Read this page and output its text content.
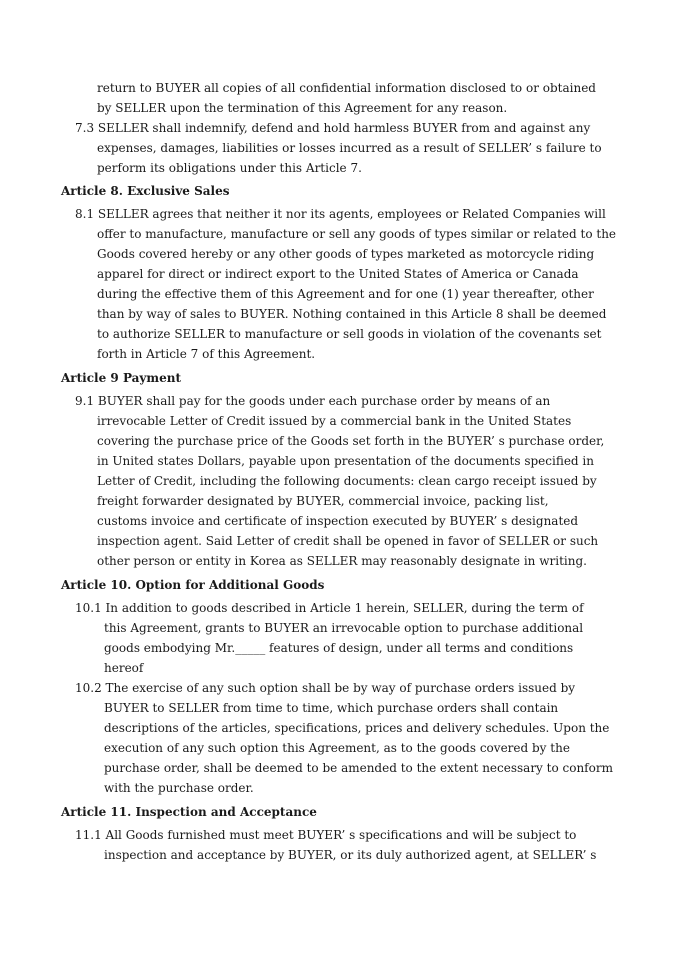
return to BUYER all copies of all confidential information disclosed to or obtained
by SELLER upon the termination of this Agreement for any reason.
7.3 SELLER shall indemnify, defend and hold harmless BUYER from and against any
expenses, damages, liabilities or losses incurred as a result of SELLER’ s failure to
perform its obligations under this Article 7.
Article 8. Exclusive Sales
8.1 SELLER agrees that neither it nor its agents, employees or Related Companies will
offer to manufacture, manufacture or sell any goods of types similar or related to the
Goods covered hereby or any other goods of types marketed as motorcycle riding
apparel for direct or indirect export to the United States of America or Canada
during the effective them of this Agreement and for one (1) year thereafter, other
than by way of sales to BUYER. Nothing contained in this Article 8 shall be deemed
to authorize SELLER to manufacture or sell goods in violation of the covenants set
forth in Article 7 of this Agreement.
Article 9 Payment
9.1 BUYER shall pay for the goods under each purchase order by means of an
irrevocable Letter of Credit issued by a commercial bank in the United States
covering the purchase price of the Goods set forth in the BUYER’ s purchase order,
in United states Dollars, payable upon presentation of the documents specified in
Letter of Credit, including the following documents: clean cargo receipt issued by
freight forwarder designated by BUYER, commercial invoice, packing list,
customs invoice and certificate of inspection executed by BUYER’ s designated
inspection agent. Said Letter of credit shall be opened in favor of SELLER or such
other person or entity in Korea as SELLER may reasonably designate in writing.
Article 10. Option for Additional Goods
10.1 In addition to goods described in Article 1 herein, SELLER, during the term of
this Agreement, grants to BUYER an irrevocable option to purchase additional
goods embodying Mr._____ features of design, under all terms and conditions
hereof
10.2 The exercise of any such option shall be by way of purchase orders issued by
BUYER to SELLER from time to time, which purchase orders shall contain
descriptions of the articles, specifications, prices and delivery schedules. Upon the
execution of any such option this Agreement, as to the goods covered by the
purchase order, shall be deemed to be amended to the extent necessary to conform
with the purchase order.
Article 11. Inspection and Acceptance
11.1 All Goods furnished must meet BUYER’ s specifications and will be subject to
inspection and acceptance by BUYER, or its duly authorized agent, at SELLER’ s
